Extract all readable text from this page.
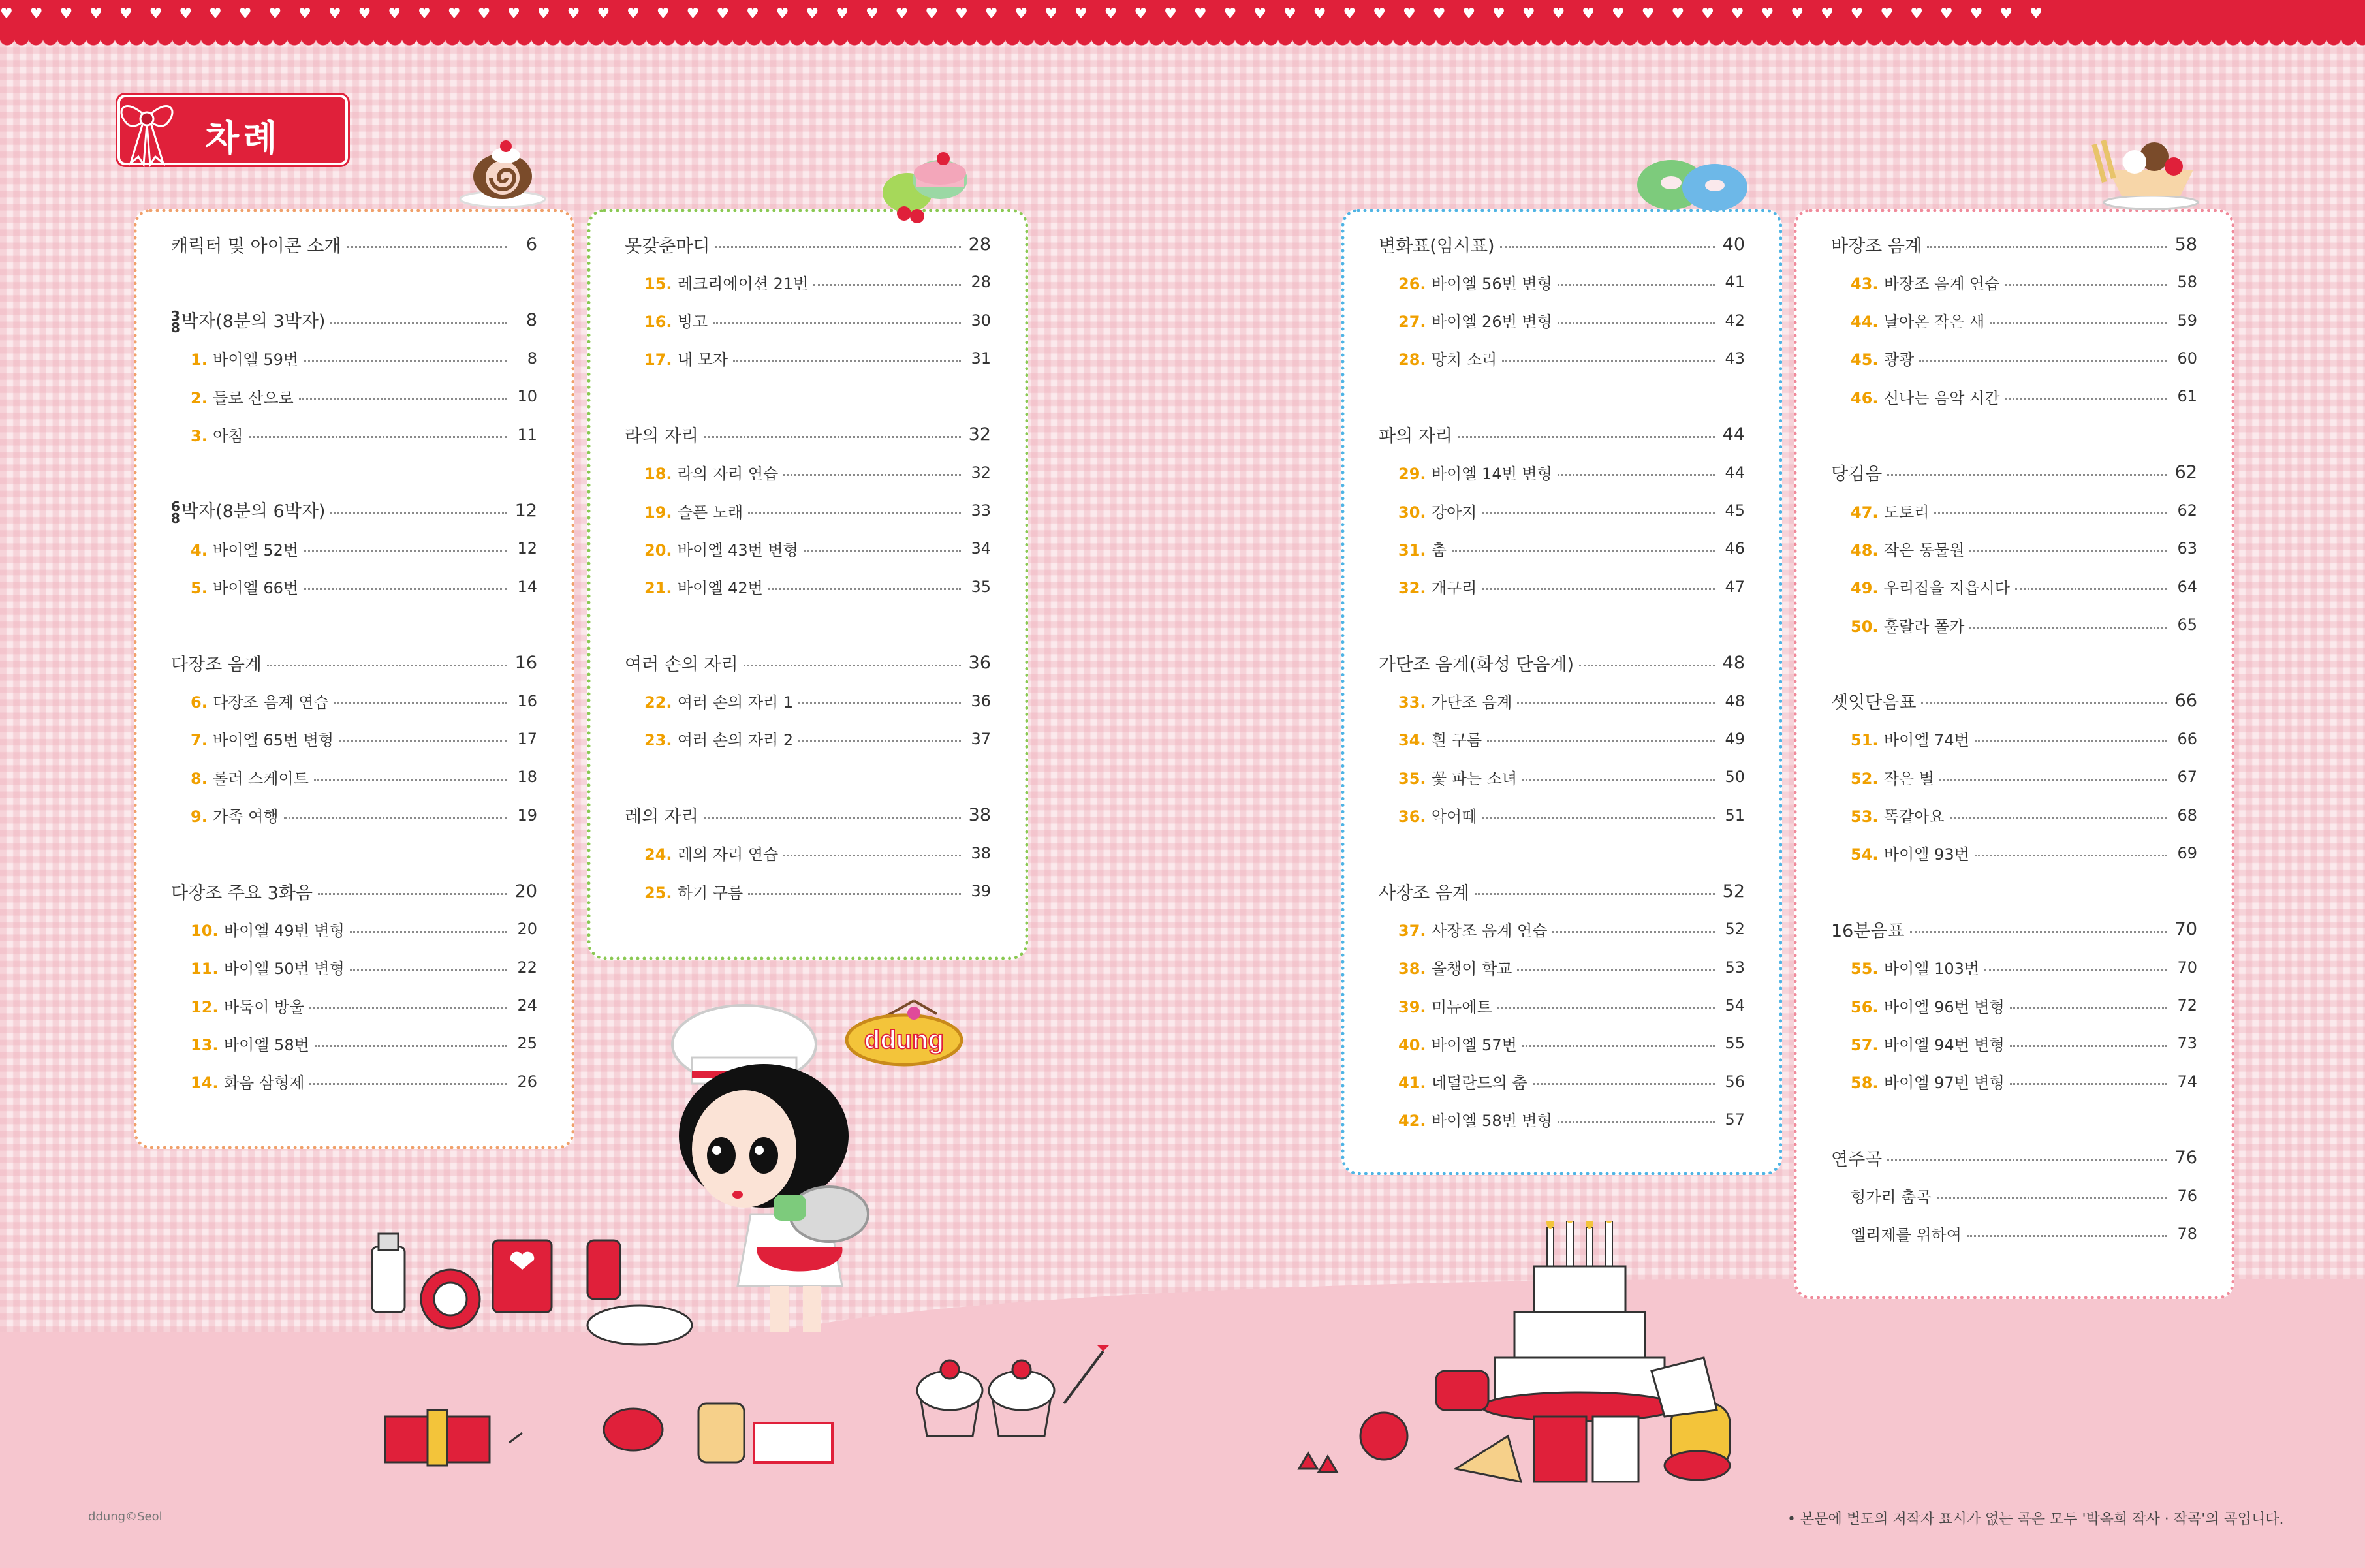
♥♥♥♥♥♥♥♥♥♥♥♥♥♥♥♥♥♥♥♥♥♥♥♥♥♥♥♥♥♥♥♥♥♥♥♥♥♥♥♥♥♥♥♥♥♥♥♥♥♥♥♥♥♥♥♥♥♥♥♥♥♥♥♥♥♥♥♥♥
차례
캐릭터 및 아이콘 소개	6
3
8 박자(8분의 3박자)	8
1. 바이엘 59번	8
2. 들로 산으로	10
3. 아침	11
6
8 박자(8분의 6박자)	12
4. 바이엘 52번	12
5. 바이엘 66번	14
다장조 음계	16
6. 다장조 음계 연습	16
7. 바이엘 65번 변형	17
8. 롤러 스케이트	18
9. 가족 여행	19
다장조 주요 3화음	20
10. 바이엘 49번 변형	20
11. 바이엘 50번 변형	22
12. 바둑이 방울	24
13. 바이엘 58번	25
14. 화음 삼형제	26
못갖춘마디	28
15. 레크리에이션 21번	28
16. 빙고	30
17. 내 모자	31
라의 자리	32
18. 라의 자리 연습	32
19. 슬픈 노래	33
20. 바이엘 43번 변형	34
21. 바이엘 42번	35
여러 손의 자리	36
22. 여러 손의 자리 1	36
23. 여러 손의 자리 2	37
레의 자리	38
24. 레의 자리 연습	38
25. 하기 구름	39
변화표(임시표)	40
26. 바이엘 56번 변형	41
27. 바이엘 26번 변형	42
28. 망치 소리	43
파의 자리	44
29. 바이엘 14번 변형	44
30. 강아지	45
31. 춤	46
32. 개구리	47
가단조 음계(화성 단음계)	48
33. 가단조 음계	48
34. 흰 구름	49
35. 꽃 파는 소녀	50
36. 악어떼	51
사장조 음계	52
37. 사장조 음계 연습	52
38. 올챙이 학교	53
39. 미뉴에트	54
40. 바이엘 57번	55
41. 네덜란드의 춤	56
42. 바이엘 58번 변형	57
바장조 음계	58
43. 바장조 음계 연습	58
44. 날아온 작은 새	59
45. 쾅쾅	60
46. 신나는 음악 시간	61
당김음	62
47. 도토리	62
48. 작은 동물원	63
49. 우리집을 지읍시다	64
50. 훌랄라 폴카	65
셋잇단음표	66
51. 바이엘 74번	66
52. 작은 별	67
53. 똑같아요	68
54. 바이엘 93번	69
16분음표	70
55. 바이엘 103번	70
56. 바이엘 96번 변형	72
57. 바이엘 94번 변형	73
58. 바이엘 97번 변형	74
연주곡	76
헝가리 춤곡	76
엘리제를 위하여	78
ddung
ddung©Seol	• 본문에 별도의 저작자 표시가 없는 곡은 모두 '박옥희 작사 · 작곡'의 곡입니다.
